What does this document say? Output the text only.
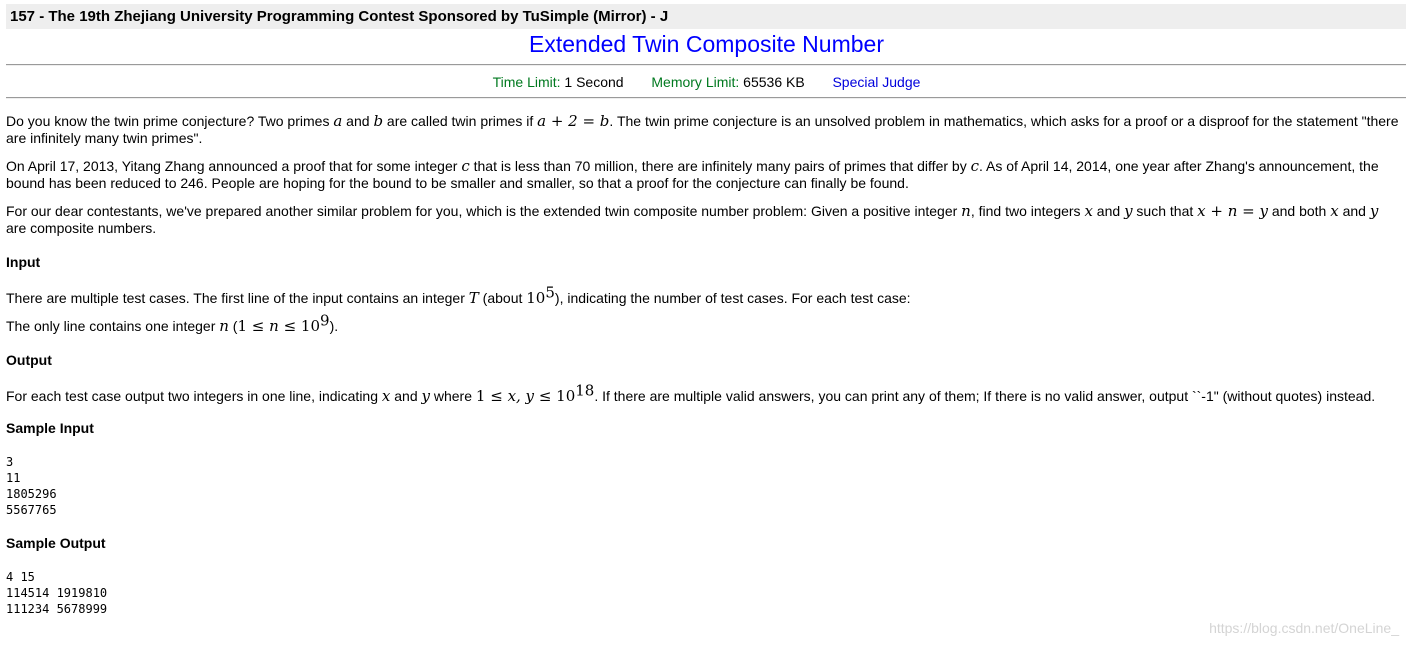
157 - The 19th Zhejiang University Programming Contest Sponsored by TuSimple (Mirror) - J
Extended Twin Composite Number
Time Limit: 1 Second Memory Limit: 65536 KB Special Judge

Do you know the twin prime conjecture? Two primes a and b are called twin primes if a + 2 = b. The twin prime conjecture is an unsolved problem in mathematics, which asks for a proof or a disproof for the statement "there are infinitely many twin primes".

On April 17, 2013, Yitang Zhang announced a proof that for some integer c that is less than 70 million, there are infinitely many pairs of primes that differ by c. As of April 14, 2014, one year after Zhang's announcement, the bound has been reduced to 246. People are hoping for the bound to be smaller and smaller, so that a proof for the conjecture can finally be found.

For our dear contestants, we've prepared another similar problem for you, which is the extended twin composite number problem: Given a positive integer n, find two integers x and y such that x + n = y and both x and y are composite numbers.

Input

There are multiple test cases. The first line of the input contains an integer T (about $10^5$), indicating the number of test cases. For each test case:

The only line contains one integer n $(1 \le n \le 10^9)$.

Output

For each test case output two integers in one line, indicating x and y where 1 ≤ x, $y \le 10^{18}$. If there are multiple valid answers, you can print any of them; If there is no valid answer, output ``-1" (without quotes) instead.

Sample Input
3
11
1805296
5567765
Sample Output
4 15
114514 1919810
111234 5678999
https://blog.csdn.net/OneLine_
